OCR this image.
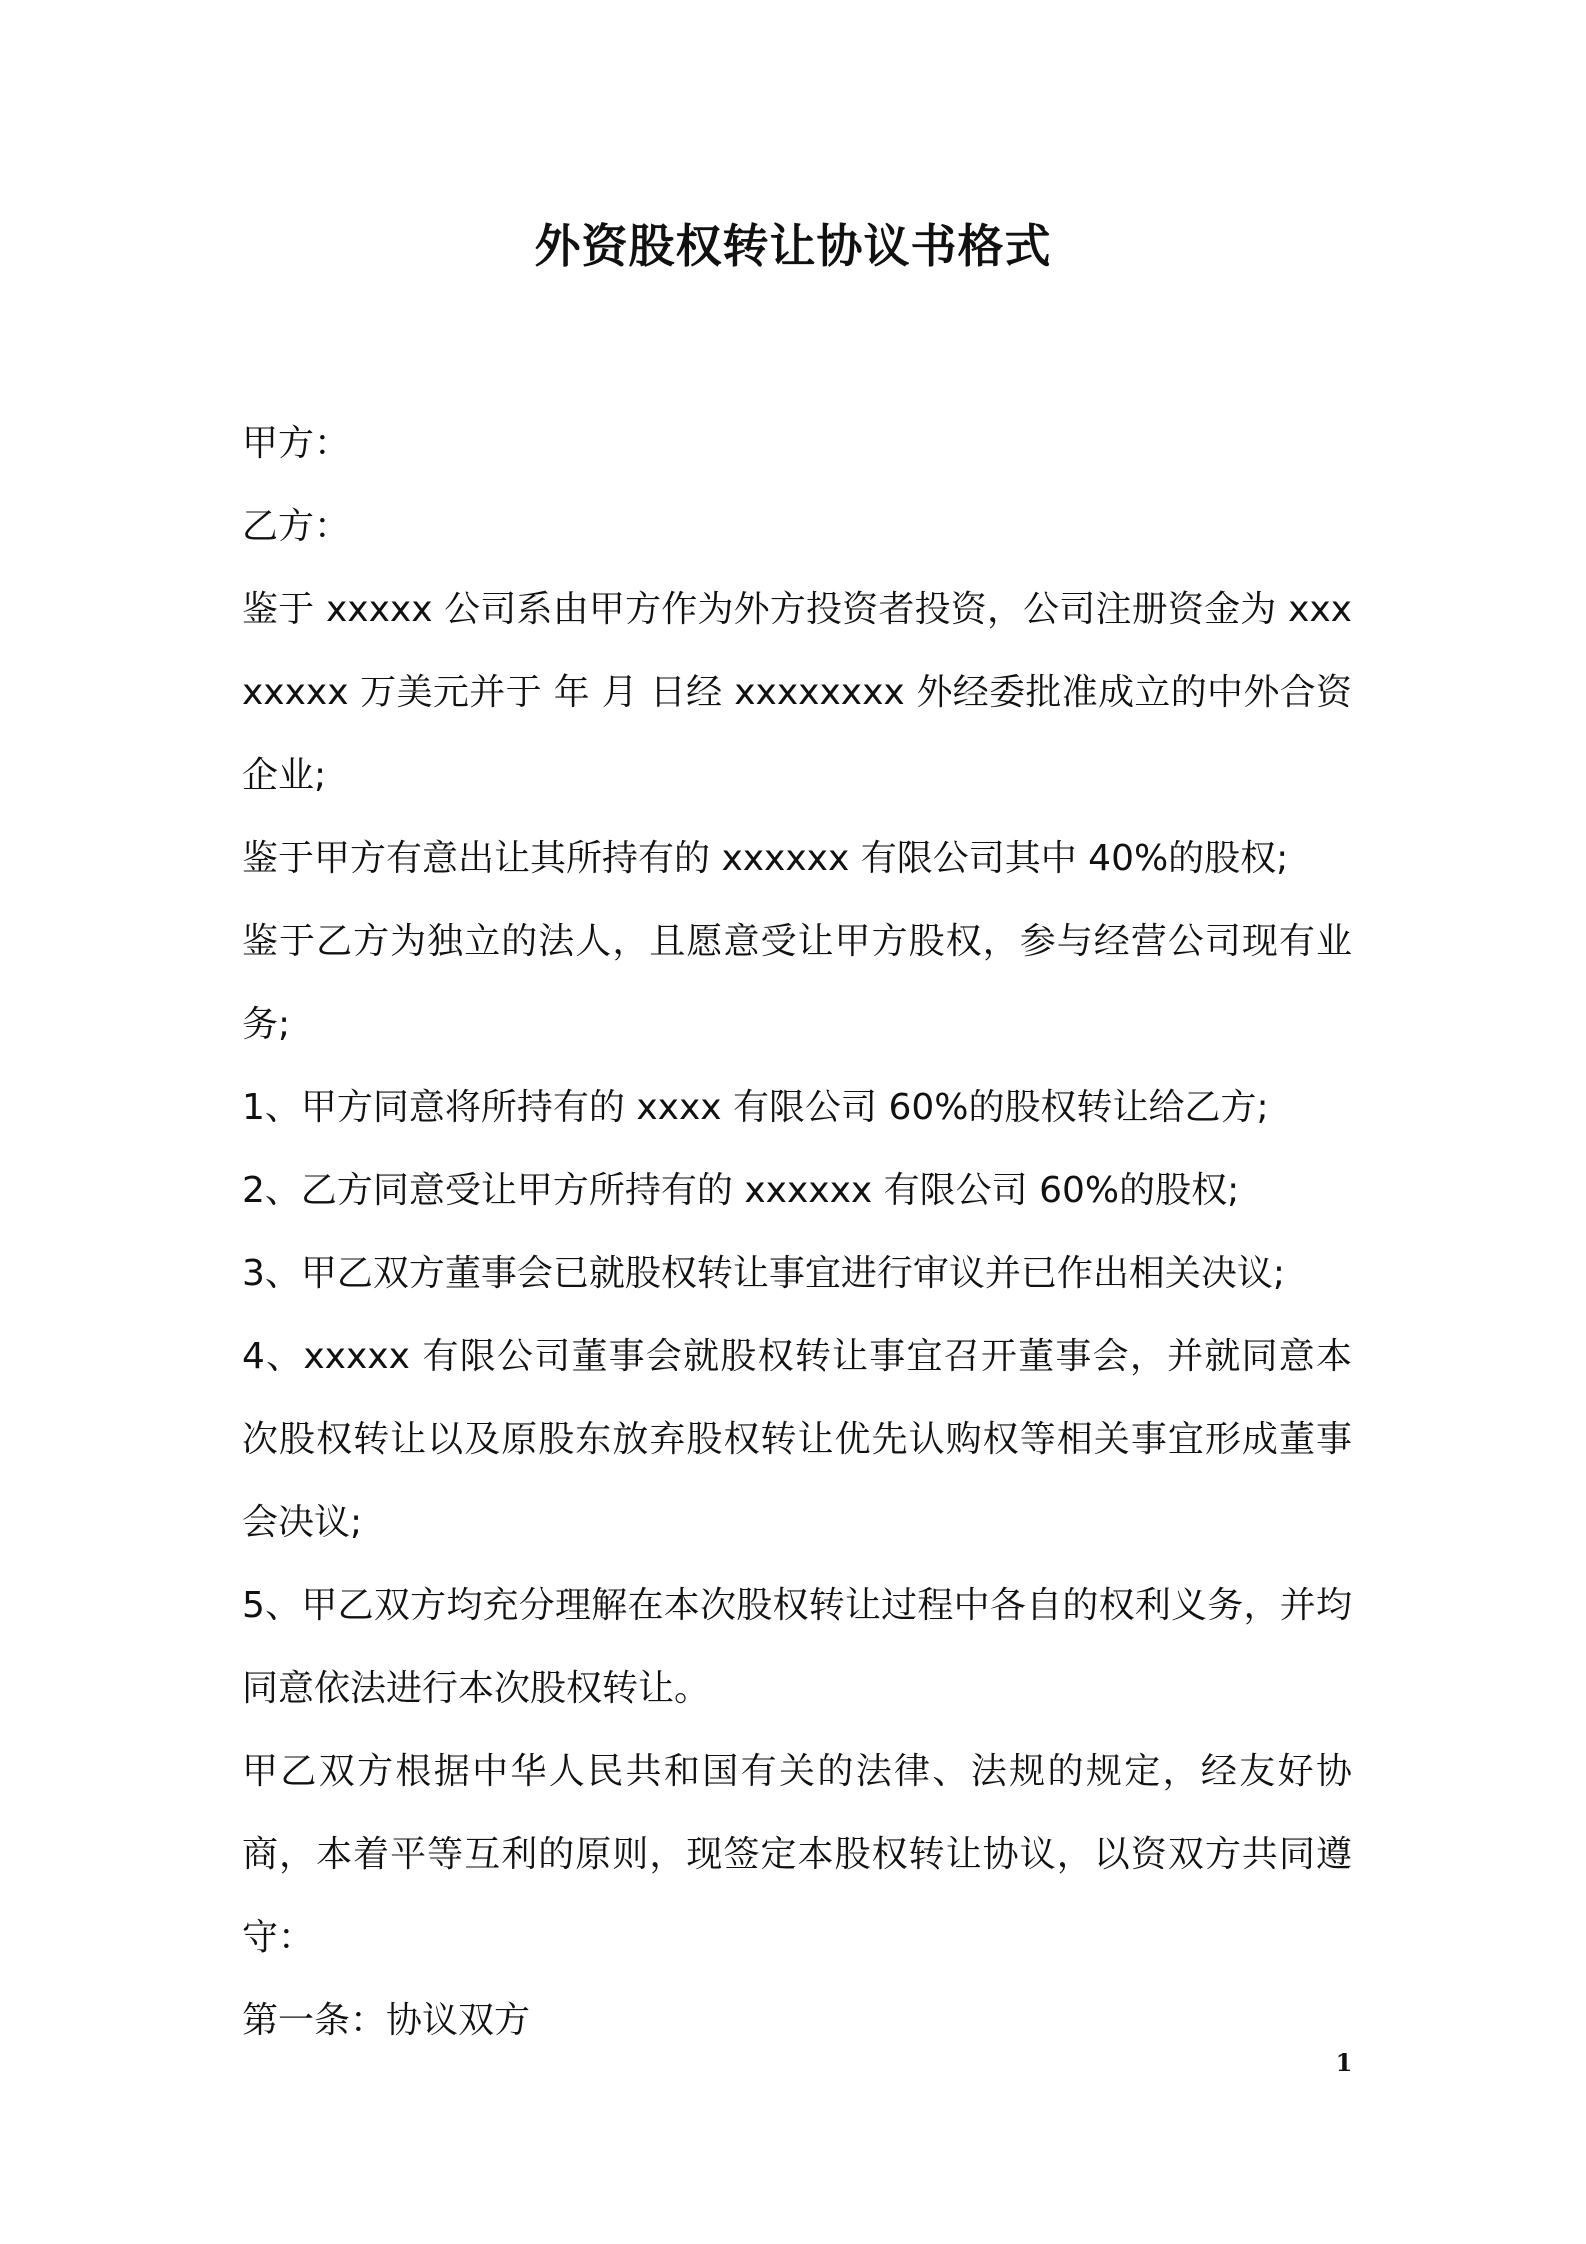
外资股权转让协议书格式

甲方：

乙方：

鉴于 xxxxx 公司系由甲方作为外方投资者投资，公司注册资金为 xxxxxxxx 万美元并于 年 月 日经 xxxxxxxx 外经委批准成立的中外合资企业;

鉴于甲方有意出让其所持有的 xxxxxx 有限公司其中 40%的股权;

鉴于乙方为独立的法人，且愿意受让甲方股权，参与经营公司现有业务;

1、甲方同意将所持有的 xxxx 有限公司 60%的股权转让给乙方;

2、乙方同意受让甲方所持有的 xxxxxx 有限公司 60%的股权;

3、甲乙双方董事会已就股权转让事宜进行审议并已作出相关决议;

4、xxxxx 有限公司董事会就股权转让事宜召开董事会，并就同意本次股权转让以及原股东放弃股权转让优先认购权等相关事宜形成董事会决议;

5、甲乙双方均充分理解在本次股权转让过程中各自的权利义务，并均同意依法进行本次股权转让。

甲乙双方根据中华人民共和国有关的法律、法规的规定，经友好协商，本着平等互利的原则，现签定本股权转让协议，以资双方共同遵守：

第一条：协议双方

1
